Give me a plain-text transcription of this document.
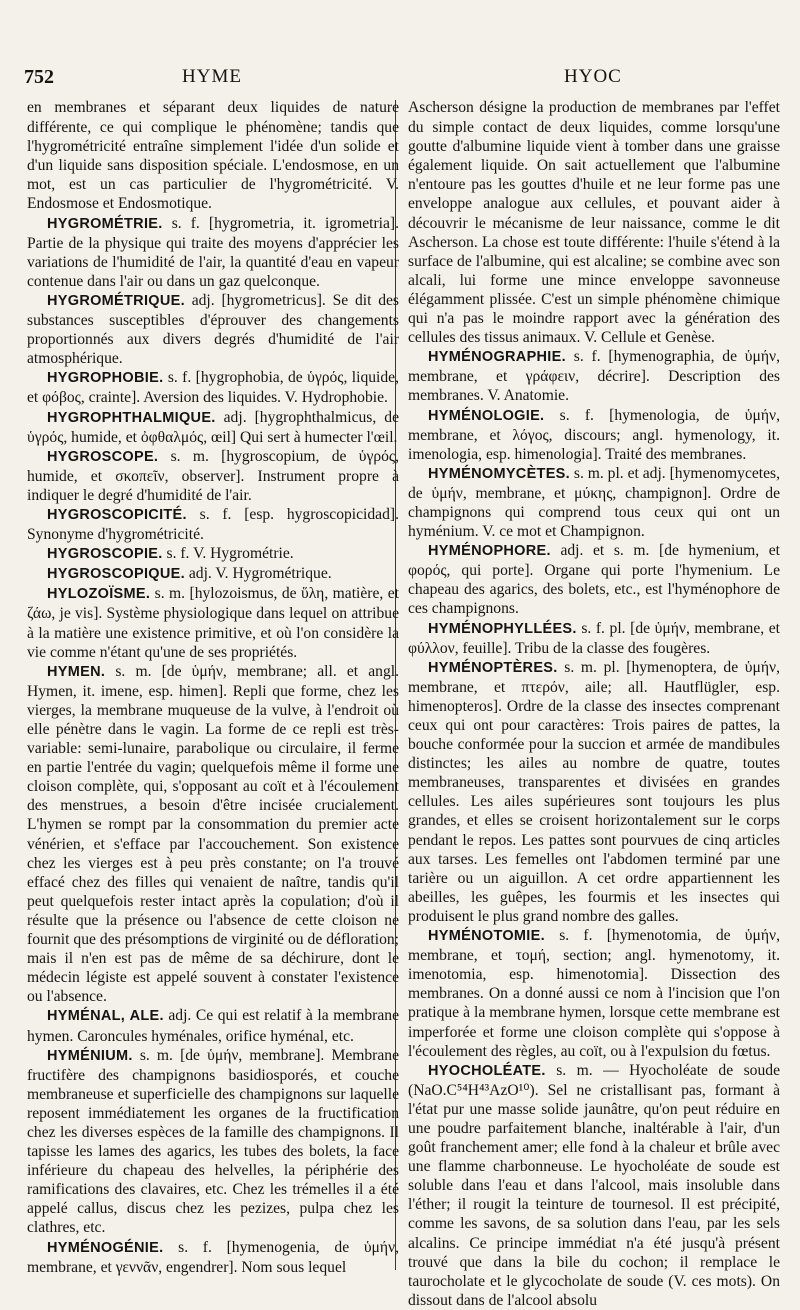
752	HYME	HYOC

en membranes et séparant deux liquides de nature différente, ce qui complique le phénomène; tandis que l'hygrométricité entraîne simplement l'idée d'un solide et d'un liquide sans disposition spéciale. L'endosmose, en un mot, est un cas particulier de l'hygrométricité. V. Endosmose et Endosmotique.

HYGROMÉTRIE. s. f. [hygrometria, it. igrometria]. Partie de la physique qui traite des moyens d'apprécier les variations de l'humidité de l'air, la quantité d'eau en vapeur contenue dans l'air ou dans un gaz quelconque.

HYGROMÉTRIQUE. adj. [hygrometricus]. Se dit des substances susceptibles d'éprouver des changements proportionnés aux divers degrés d'humidité de l'air atmosphérique.

HYGROPHOBIE. s. f. [hygrophobia, de ὑγρός, liquide, et φόβος, crainte]. Aversion des liquides. V. Hydrophobie.

HYGROPHTHALMIQUE. adj. [hygrophthalmicus, de ὑγρός, humide, et ὀφθαλμός, œil] Qui sert à humecter l'œil.

HYGROSCOPE. s. m. [hygroscopium, de ὑγρός, humide, et σκοπεῖν, observer]. Instrument propre à indiquer le degré d'humidité de l'air.

HYGROSCOPICITÉ. s. f. [esp. hygroscopicidad]. Synonyme d'hygrométricité.

HYGROSCOPIE. s. f. V. Hygrométrie.

HYGROSCOPIQUE. adj. V. Hygrométrique.

HYLOZOÏSME. s. m. [hylozoismus, de ὕλη, matière, et ζάω, je vis]. Système physiologique dans lequel on attribue à la matière une existence primitive, et où l'on considère la vie comme n'étant qu'une de ses propriétés.

HYMEN. s. m. [de ὑμήν, membrane; all. et angl. Hymen, it. imene, esp. himen]. Repli que forme, chez les vierges, la membrane muqueuse de la vulve, à l'endroit où elle pénètre dans le vagin. La forme de ce repli est très-variable: semi-lunaire, parabolique ou circulaire, il ferme en partie l'entrée du vagin; quelquefois même il forme une cloison complète, qui, s'opposant au coït et à l'écoulement des menstrues, a besoin d'être incisée crucialement. L'hymen se rompt par la consommation du premier acte vénérien, et s'efface par l'accouchement. Son existence chez les vierges est à peu près constante; on l'a trouvé effacé chez des filles qui venaient de naître, tandis qu'il peut quelquefois rester intact après la copulation; d'où il résulte que la présence ou l'absence de cette cloison ne fournit que des présomptions de virginité ou de défloration; mais il n'en est pas de même de sa déchirure, dont le médecin légiste est appelé souvent à constater l'existence ou l'absence.

HYMÉNAL, ALE. adj. Ce qui est relatif à la membrane hymen. Caroncules hyménales, orifice hyménal, etc.

HYMÉNIUM. s. m. [de ὑμήν, membrane]. Membrane fructifère des champignons basidiosporés, et couche membraneuse et superficielle des champignons sur laquelle reposent immédiatement les organes de la fructification chez les diverses espèces de la famille des champignons. Il tapisse les lames des agarics, les tubes des bolets, la face inférieure du chapeau des helvelles, la périphérie des ramifications des clavaires, etc. Chez les trémelles il a été appelé callus, discus chez les pezizes, pulpa chez les clathres, etc.

HYMÉNOGÉNIE. s. f. [hymenogenia, de ὑμήν, membrane, et γεννᾶν, engendrer]. Nom sous lequel

Ascherson désigne la production de membranes par l'effet du simple contact de deux liquides, comme lorsqu'une goutte d'albumine liquide vient à tomber dans une graisse également liquide. On sait actuellement que l'albumine n'entoure pas les gouttes d'huile et ne leur forme pas une enveloppe analogue aux cellules, et pouvant aider à découvrir le mécanisme de leur naissance, comme le dit Ascherson. La chose est toute différente: l'huile s'étend à la surface de l'albumine, qui est alcaline; se combine avec son alcali, lui forme une mince enveloppe savonneuse élégamment plissée. C'est un simple phénomène chimique qui n'a pas le moindre rapport avec la génération des cellules des tissus animaux. V. Cellule et Genèse.

HYMÉNOGRAPHIE. s. f. [hymenographia, de ὑμήν, membrane, et γράφειν, décrire]. Description des membranes. V. Anatomie.

HYMÉNOLOGIE. s. f. [hymenologia, de ὑμήν, membrane, et λόγος, discours; angl. hymenology, it. imenologia, esp. himenologia]. Traité des membranes.

HYMÉNOMYCÈTES. s. m. pl. et adj. [hymenomycetes, de ὑμήν, membrane, et μύκης, champignon]. Ordre de champignons qui comprend tous ceux qui ont un hyménium. V. ce mot et Champignon.

HYMÉNOPHORE. adj. et s. m. [de hymenium, et φορός, qui porte]. Organe qui porte l'hymenium. Le chapeau des agarics, des bolets, etc., est l'hyménophore de ces champignons.

HYMÉNOPHYLLÉES. s. f. pl. [de ὑμήν, membrane, et φύλλον, feuille]. Tribu de la classe des fougères.

HYMÉNOPTÈRES. s. m. pl. [hymenoptera, de ὑμήν, membrane, et πτερόν, aile; all. Hautflügler, esp. himenopteros]. Ordre de la classe des insectes comprenant ceux qui ont pour caractères: Trois paires de pattes, la bouche conformée pour la succion et armée de mandibules distinctes; les ailes au nombre de quatre, toutes membraneuses, transparentes et divisées en grandes cellules. Les ailes supérieures sont toujours les plus grandes, et elles se croisent horizontalement sur le corps pendant le repos. Les pattes sont pourvues de cinq articles aux tarses. Les femelles ont l'abdomen terminé par une tarière ou un aiguillon. A cet ordre appartiennent les abeilles, les guêpes, les fourmis et les insectes qui produisent le plus grand nombre des galles.

HYMÉNOTOMIE. s. f. [hymenotomia, de ὑμήν, membrane, et τομή, section; angl. hymenotomy, it. imenotomia, esp. himenotomia]. Dissection des membranes. On a donné aussi ce nom à l'incision que l'on pratique à la membrane hymen, lorsque cette membrane est imperforée et forme une cloison complète qui s'oppose à l'écoulement des règles, au coït, ou à l'expulsion du fœtus.

HYOCHOLÉATE. s. m. — Hyocholéate de soude (NaO.C⁵⁴H⁴³AzO¹⁰). Sel ne cristallisant pas, formant à l'état pur une masse solide jaunâtre, qu'on peut réduire en une poudre parfaitement blanche, inaltérable à l'air, d'un goût franchement amer; elle fond à la chaleur et brûle avec une flamme charbonneuse. Le hyocholéate de soude est soluble dans l'eau et dans l'alcool, mais insoluble dans l'éther; il rougit la teinture de tournesol. Il est précipité, comme les savons, de sa solution dans l'eau, par les sels alcalins. Ce principe immédiat n'a été jusqu'à présent trouvé que dans la bile du cochon; il remplace le taurocholate et le glycocholate de soude (V. ces mots). On dissout dans de l'alcool absolu
